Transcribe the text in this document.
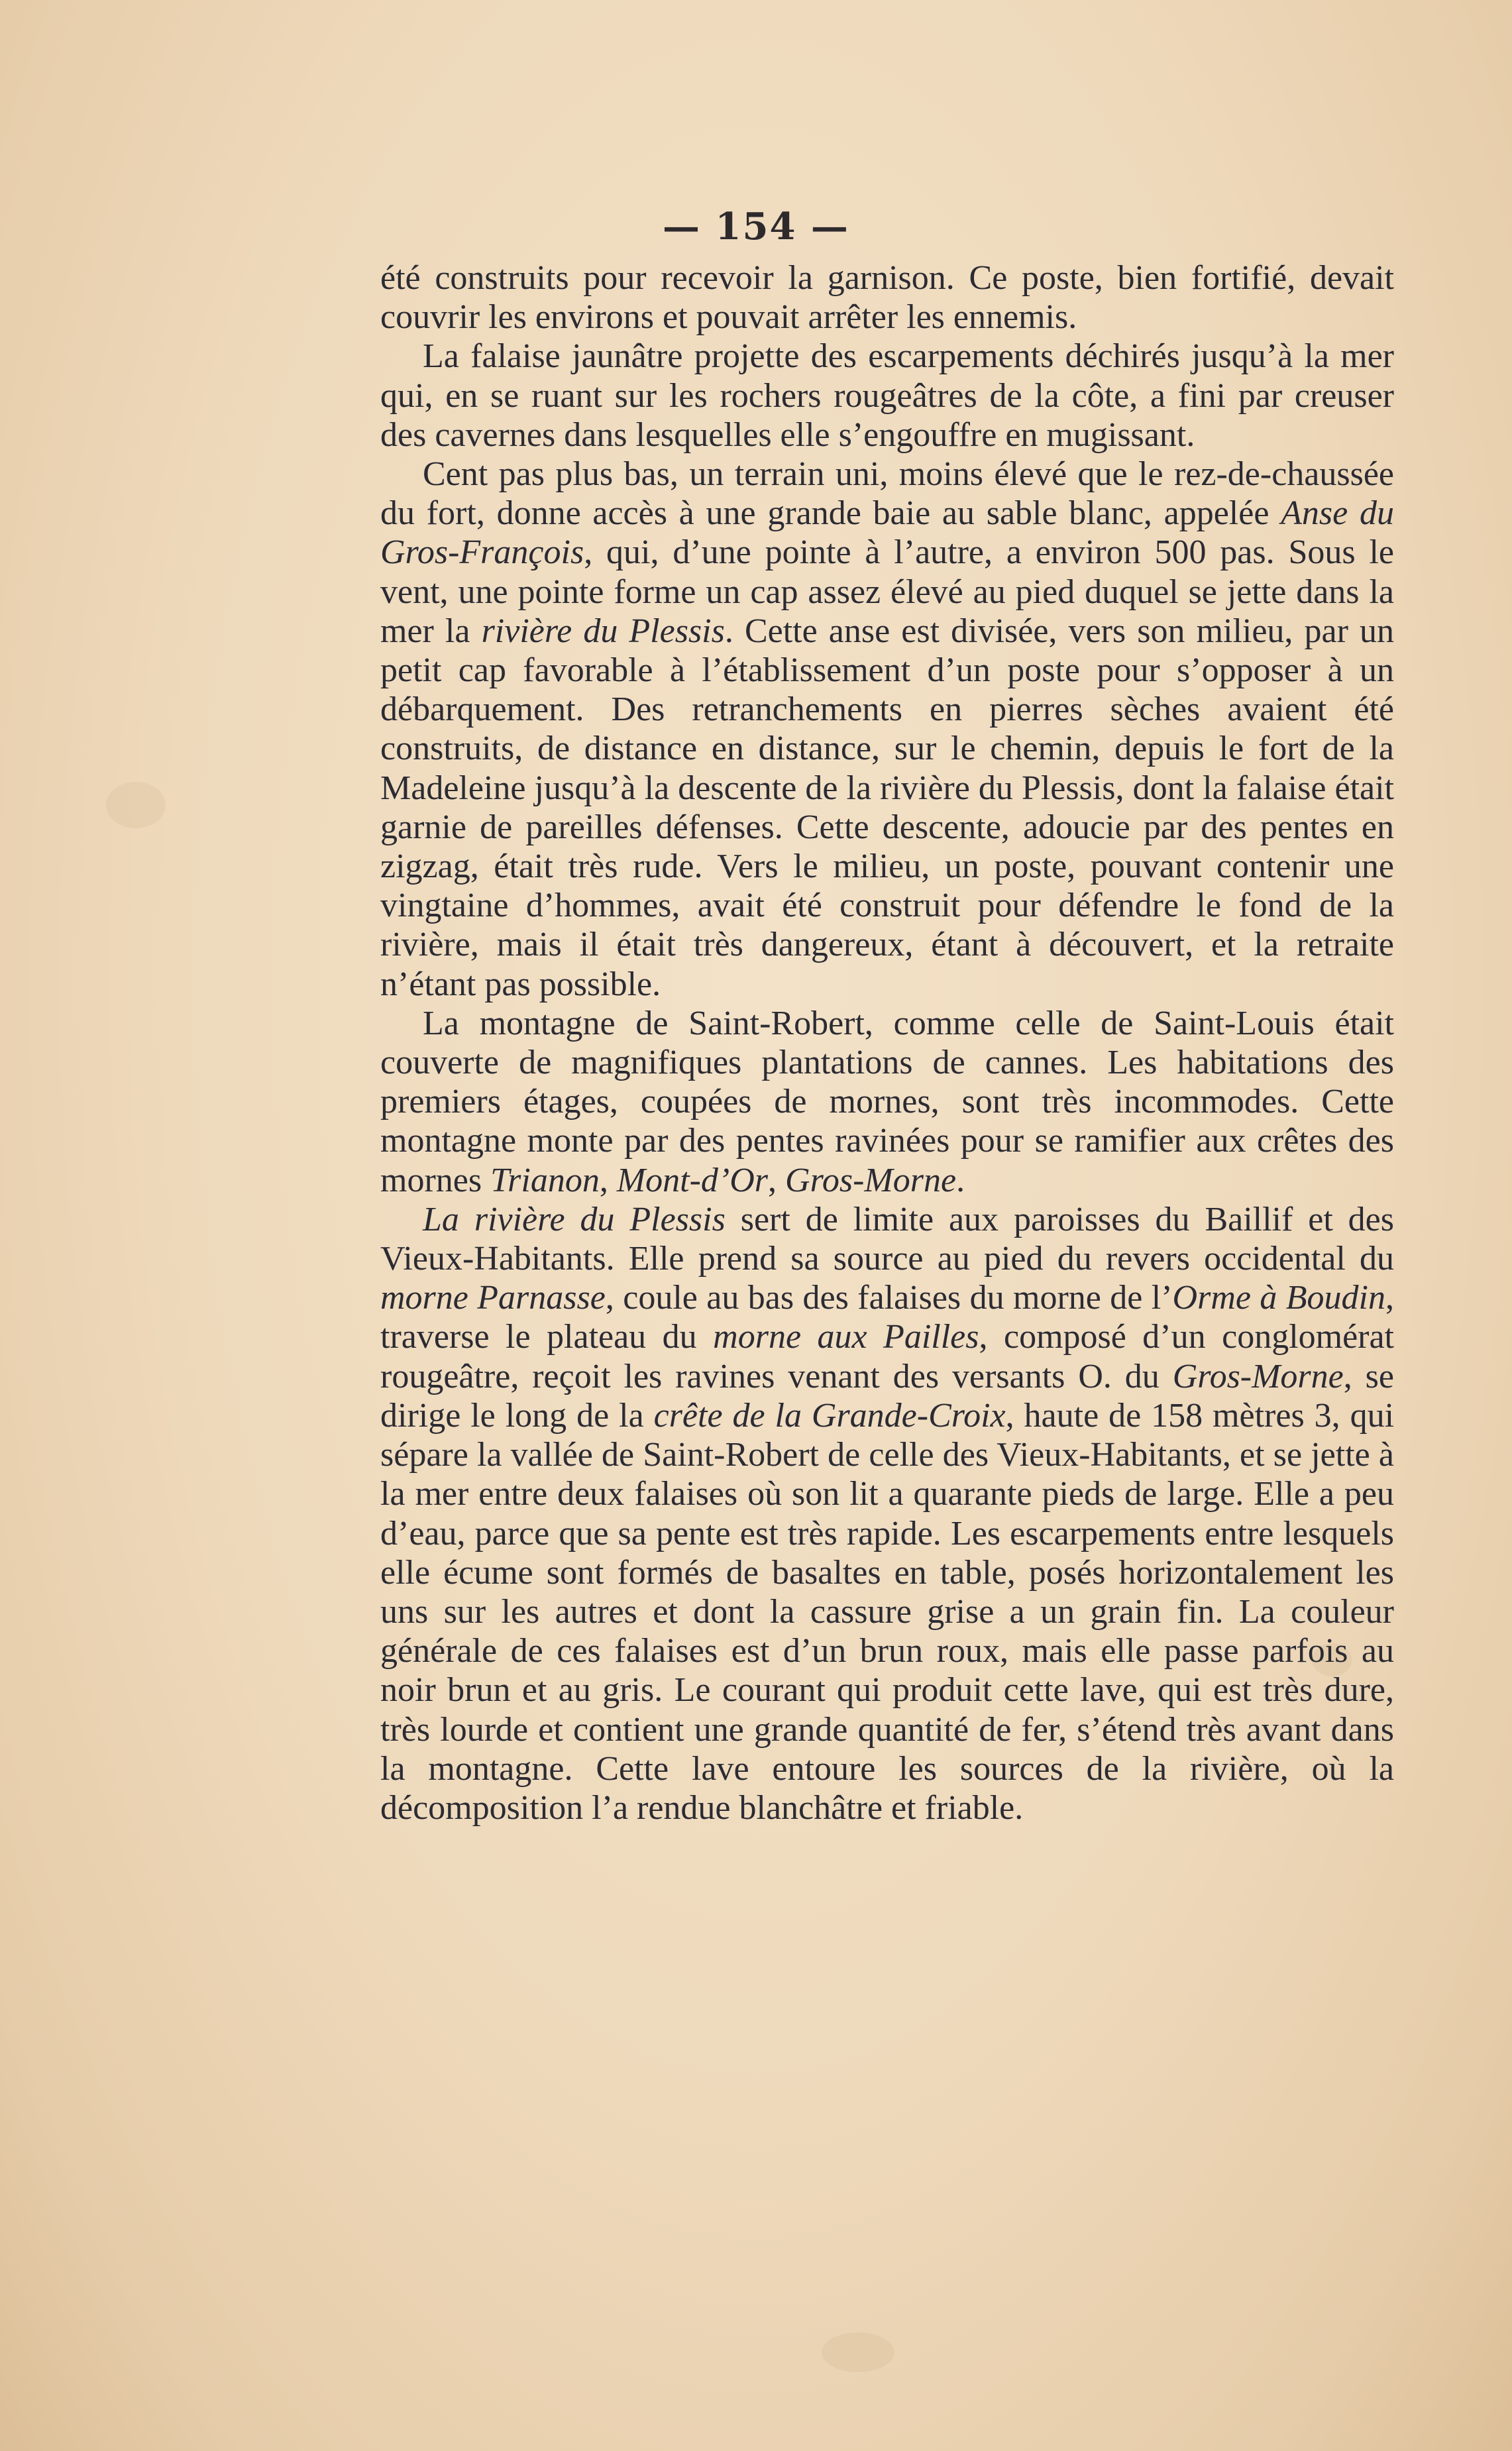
— 154 —

été construits pour recevoir la garnison. Ce poste, bien fortifié, devait couvrir les environs et pouvait arrêter les ennemis.

La falaise jaunâtre projette des escarpements déchirés jusqu’à la mer qui, en se ruant sur les rochers rougeâtres de la côte, a fini par creuser des cavernes dans lesquelles elle s’engouffre en mugissant.

Cent pas plus bas, un terrain uni, moins élevé que le rez-de-chaussée du fort, donne accès à une grande baie au sable blanc, appelée Anse du Gros-François, qui, d’une pointe à l’autre, a environ 500 pas. Sous le vent, une pointe forme un cap assez élevé au pied duquel se jette dans la mer la rivière du Plessis. Cette anse est divisée, vers son milieu, par un petit cap favorable à l’établissement d’un poste pour s’opposer à un débarquement. Des retranchements en pierres sèches avaient été construits, de distance en distance, sur le chemin, depuis le fort de la Madeleine jusqu’à la descente de la rivière du Plessis, dont la falaise était garnie de pareilles défenses. Cette descente, adoucie par des pentes en zigzag, était très rude. Vers le milieu, un poste, pouvant contenir une vingtaine d’hommes, avait été construit pour défendre le fond de la rivière, mais il était très dangereux, étant à découvert, et la retraite n’étant pas possible.

La montagne de Saint-Robert, comme celle de Saint-Louis était couverte de magnifiques plantations de cannes. Les habitations des premiers étages, coupées de mornes, sont très incommodes. Cette montagne monte par des pentes ravinées pour se ramifier aux crêtes des mornes Trianon, Mont-d’Or, Gros-Morne.

La rivière du Plessis sert de limite aux paroisses du Baillif et des Vieux-Habitants. Elle prend sa source au pied du revers occidental du morne Parnasse, coule au bas des falaises du morne de l’Orme à Boudin, traverse le plateau du morne aux Pailles, composé d’un conglomérat rougeâtre, reçoit les ravines venant des versants O. du Gros-Morne, se dirige le long de la crête de la Grande-Croix, haute de 158 mètres 3, qui sépare la vallée de Saint-Robert de celle des Vieux-Habitants, et se jette à la mer entre deux falaises où son lit a quarante pieds de large. Elle a peu d’eau, parce que sa pente est très rapide. Les escarpements entre lesquels elle écume sont formés de basaltes en table, posés horizontalement les uns sur les autres et dont la cassure grise a un grain fin. La couleur générale de ces falaises est d’un brun roux, mais elle passe parfois au noir brun et au gris. Le courant qui produit cette lave, qui est très dure, très lourde et contient une grande quantité de fer, s’étend très avant dans la montagne. Cette lave entoure les sources de la rivière, où la décomposition l’a rendue blanchâtre et friable.
